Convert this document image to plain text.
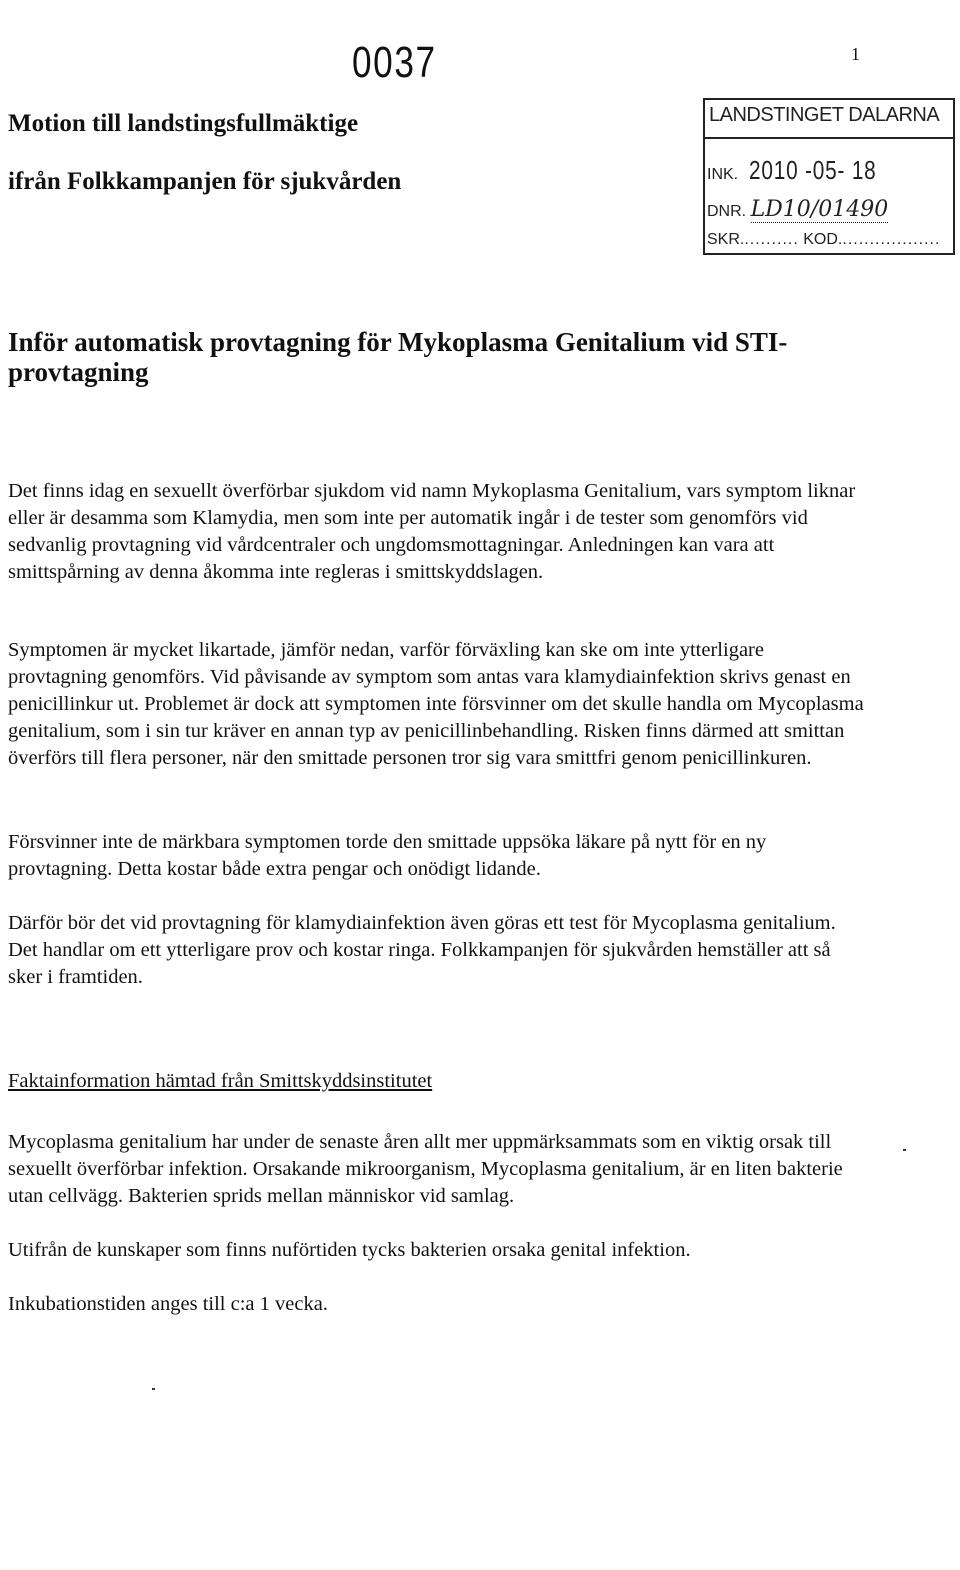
0037	1
Motion till landstingsfullmäktige
ifrån Folkkampanjen för sjukvården
LANDSTINGET DALARNA
INK. 2010 -05- 18
DNR. LD10/01490
SKR........... KOD...................
Inför automatisk provtagning för Mykoplasma Genitalium vid STI-provtagning
Det finns idag en sexuellt överförbar sjukdom vid namn Mykoplasma Genitalium, vars symptom liknar eller är desamma som Klamydia, men som inte per automatik ingår i de tester som genomförs vid sedvanlig provtagning vid vårdcentraler och ungdomsmottagningar. Anledningen kan vara att smittspårning av denna åkomma inte regleras i smittskyddslagen.
Symptomen är mycket likartade, jämför nedan, varför förväxling kan ske om inte ytterligare provtagning genomförs. Vid påvisande av symptom som antas vara klamydiainfektion skrivs genast en penicillinkur ut. Problemet är dock att symptomen inte försvinner om det skulle handla om Mycoplasma genitalium, som i sin tur kräver en annan typ av penicillinbehandling. Risken finns därmed att smittan överförs till flera personer, när den smittade personen tror sig vara smittfri genom penicillinkuren.
Försvinner inte de märkbara symptomen torde den smittade uppsöka läkare på nytt för en ny provtagning. Detta kostar både extra pengar och onödigt lidande.
Därför bör det vid provtagning för klamydiainfektion även göras ett test för Mycoplasma genitalium. Det handlar om ett ytterligare prov och kostar ringa. Folkkampanjen för sjukvården hemställer att så sker i framtiden.
Faktainformation hämtad från Smittskyddsinstitutet
Mycoplasma genitalium har under de senaste åren allt mer uppmärksammats som en viktig orsak till sexuellt överförbar infektion. Orsakande mikroorganism, Mycoplasma genitalium, är en liten bakterie utan cellvägg. Bakterien sprids mellan människor vid samlag.
Utifrån de kunskaper som finns nuförtiden tycks bakterien orsaka genital infektion.
Inkubationstiden anges till c:a 1 vecka.
